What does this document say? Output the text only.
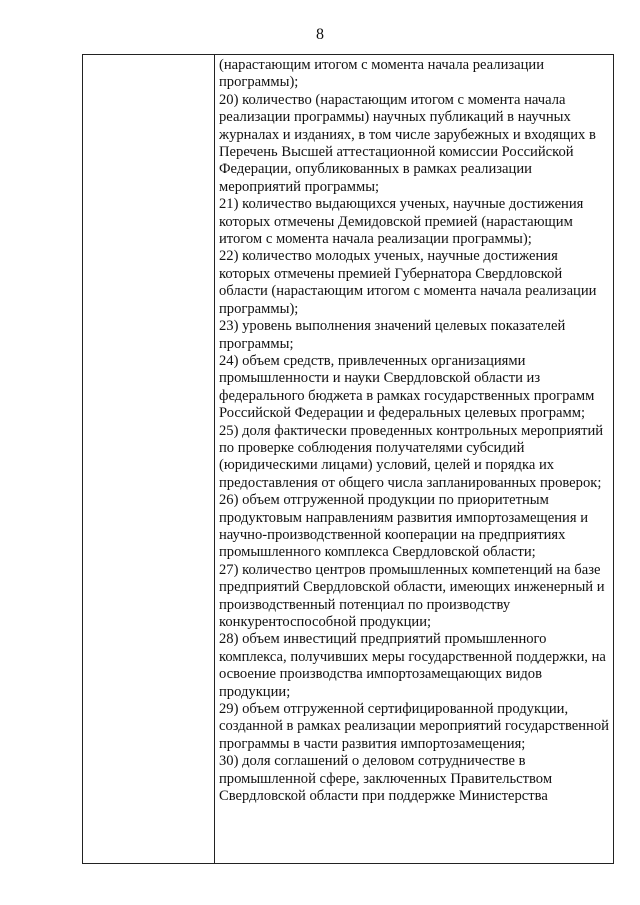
8

(нарастающим итогом с момента начала реализации программы);

20) количество (нарастающим итогом с момента начала реализации программы) научных публикаций в научных журналах и изданиях, в том числе зарубежных и входящих в Перечень Высшей аттестационной комиссии Российской Федерации, опубликованных в рамках реализации мероприятий программы;

21) количество выдающихся ученых, научные достижения которых отмечены Демидовской премией (нарастающим итогом с момента начала реализации программы);

22) количество молодых ученых, научные достижения которых отмечены премией Губернатора Свердловской области (нарастающим итогом с момента начала реализации программы);

23) уровень выполнения значений целевых показателей программы;

24) объем средств, привлеченных организациями промышленности и науки Свердловской области из федерального бюджета в рамках государственных программ Российской Федерации и федеральных целевых программ;

25) доля фактически проведенных контрольных мероприятий по проверке соблюдения получателями субсидий (юридическими лицами) условий, целей и порядка их предоставления от общего числа запланированных проверок;

26) объем отгруженной продукции по приоритетным продуктовым направлениям развития импортозамещения и научно-производственной кооперации на предприятиях промышленного комплекса Свердловской области;

27) количество центров промышленных компетенций на базе предприятий Свердловской области, имеющих инженерный и производственный потенциал по производству конкурентоспособной продукции;

28) объем инвестиций предприятий промышленного комплекса, получивших меры государственной поддержки, на освоение производства импортозамещающих видов продукции;

29) объем отгруженной сертифицированной продукции, созданной в рамках реализации мероприятий государственной программы в части развития импортозамещения;

30) доля соглашений о деловом сотрудничестве в промышленной сфере, заключенных Правительством Свердловской области при поддержке Министерства
